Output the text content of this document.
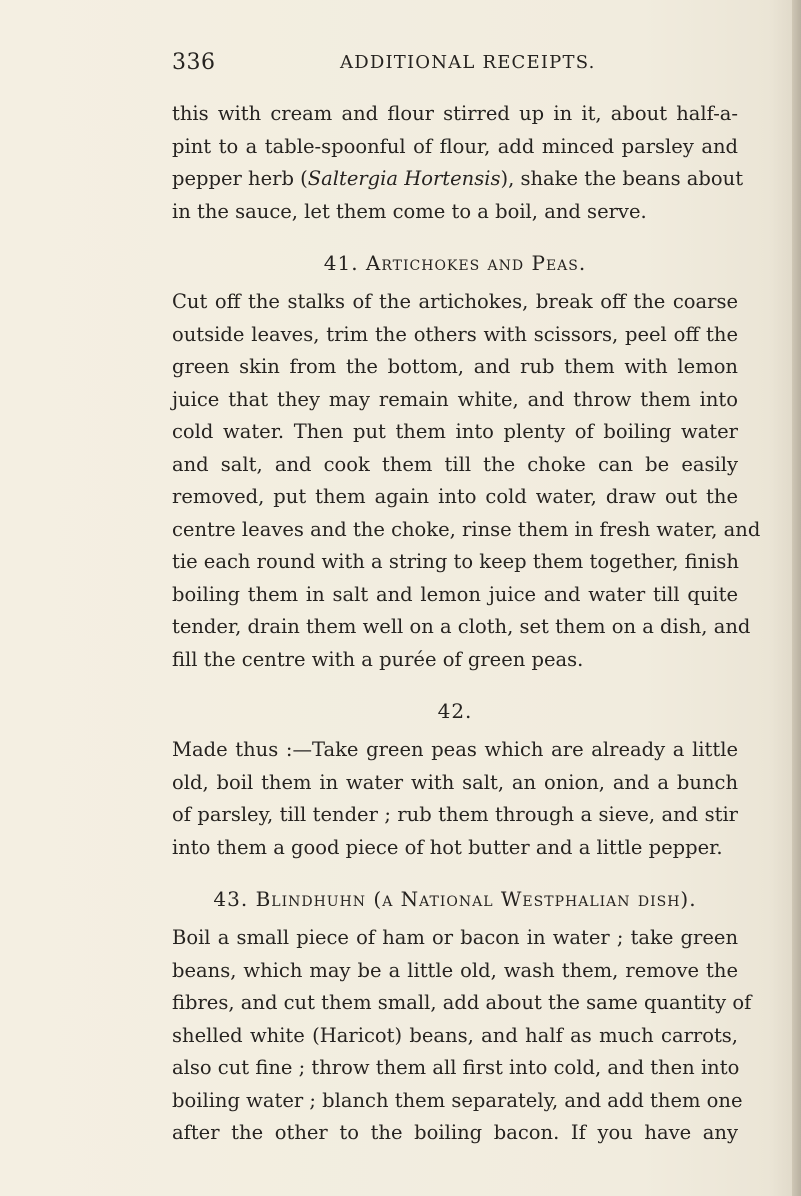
336	ADDITIONAL RECEIPTS.

this with cream and flour stirred up in it, about half-a-
pint to a table-spoonful of flour, add minced parsley and
pepper herb (Saltergia Hortensis), shake the beans about
in the sauce, let them come to a boil, and serve.

41. Artichokes and Peas.

Cut off the stalks of the artichokes, break off the coarse
outside leaves, trim the others with scissors, peel off the
green skin from the bottom, and rub them with lemon
juice that they may remain white, and throw them into
cold water. Then put them into plenty of boiling water
and salt, and cook them till the choke can be easily
removed, put them again into cold water, draw out the
centre leaves and the choke, rinse them in fresh water, and
tie each round with a string to keep them together, finish
boiling them in salt and lemon juice and water till quite
tender, drain them well on a cloth, set them on a dish, and
fill the centre with a purée of green peas.

42.

Made thus :—Take green peas which are already a little
old, boil them in water with salt, an onion, and a bunch
of parsley, till tender ; rub them through a sieve, and stir
into them a good piece of hot butter and a little pepper.

43. Blindhuhn (a National Westphalian dish).

Boil a small piece of ham or bacon in water ; take green
beans, which may be a little old, wash them, remove the
fibres, and cut them small, add about the same quantity of
shelled white (Haricot) beans, and half as much carrots,
also cut fine ; throw them all first into cold, and then into
boiling water ; blanch them separately, and add them one
after the other to the boiling bacon. If you have any
